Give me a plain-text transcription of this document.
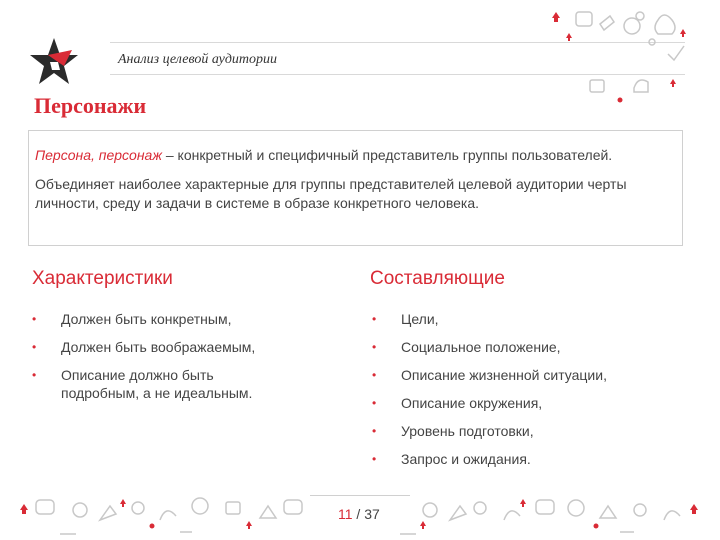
Анализ целевой аудитории
Персонажи
Персона, персонаж – конкретный и специфичный представитель группы пользователей.
Объединяет наиболее характерные для группы представителей целевой аудитории черты личности, среду и задачи в системе в образе конкретного человека.
Характеристики	Составляющие
• Должен быть конкретным,
• Должен быть воображаемым,
• Описание должно быть подробным, а не идеальным.
• Цели,
• Социальное положение,
• Описание жизненной ситуации,
• Описание окружения,
• Уровень подготовки,
• Запрос и ожидания.
11 / 37
